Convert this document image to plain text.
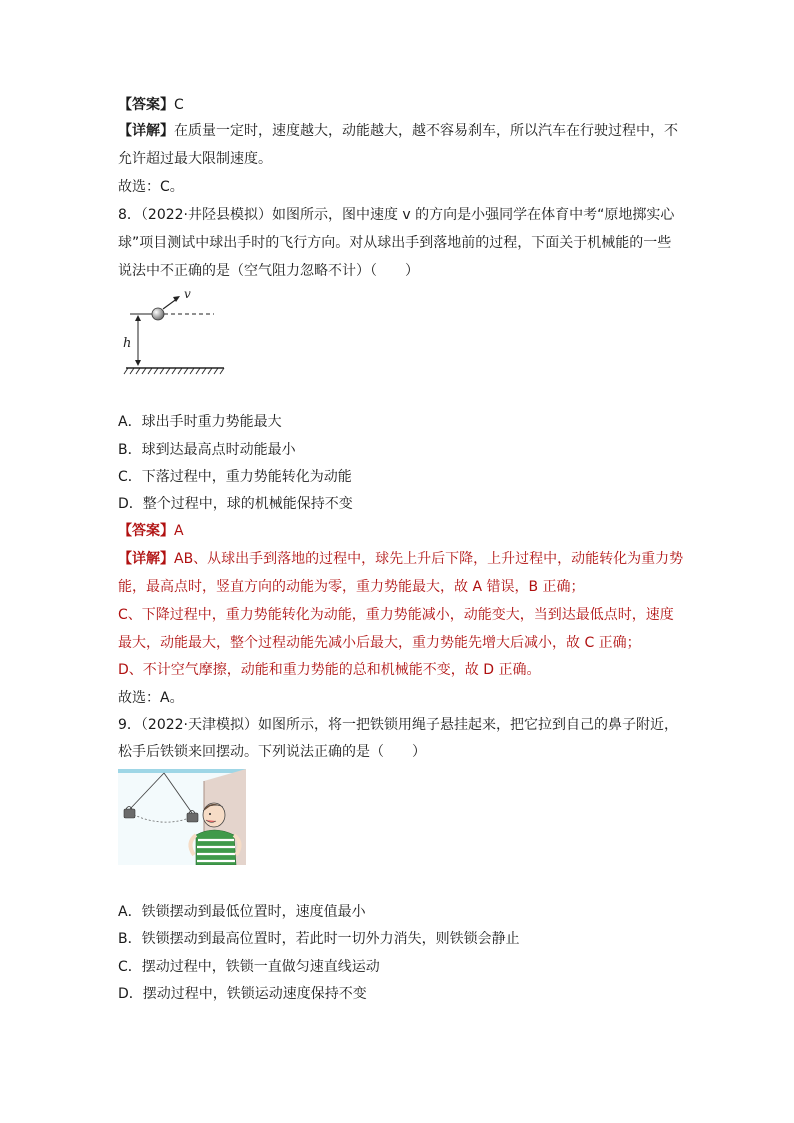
【答案】C
【详解】在质量一定时，速度越大，动能越大，越不容易刹车，所以汽车在行驶过程中，不
允许超过最大限制速度。
故选：C。
8．（2022·井陉县模拟）如图所示，图中速度 v 的方向是小强同学在体育中考“原地掷实心
球”项目测试中球出手时的飞行方向。对从球出手到落地前的过程，下面关于机械能的一些
说法中不正确的是（空气阻力忽略不计）（　　）
v
h
A．球出手时重力势能最大
B．球到达最高点时动能最小
C．下落过程中，重力势能转化为动能
D．整个过程中，球的机械能保持不变
【答案】A
【详解】AB、从球出手到落地的过程中，球先上升后下降，上升过程中，动能转化为重力势
能，最高点时，竖直方向的动能为零，重力势能最大，故 A 错误，B 正确；
C、下降过程中，重力势能转化为动能，重力势能减小，动能变大，当到达最低点时，速度
最大，动能最大，整个过程动能先减小后最大，重力势能先增大后减小，故 C 正确；
D、不计空气摩擦，动能和重力势能的总和机械能不变，故 D 正确。
故选：A。
9．（2022·天津模拟）如图所示，将一把铁锁用绳子悬挂起来，把它拉到自己的鼻子附近，
松手后铁锁来回摆动。下列说法正确的是（　　）
A．铁锁摆动到最低位置时，速度值最小
B．铁锁摆动到最高位置时，若此时一切外力消失，则铁锁会静止
C．摆动过程中，铁锁一直做匀速直线运动
D．摆动过程中，铁锁运动速度保持不变
